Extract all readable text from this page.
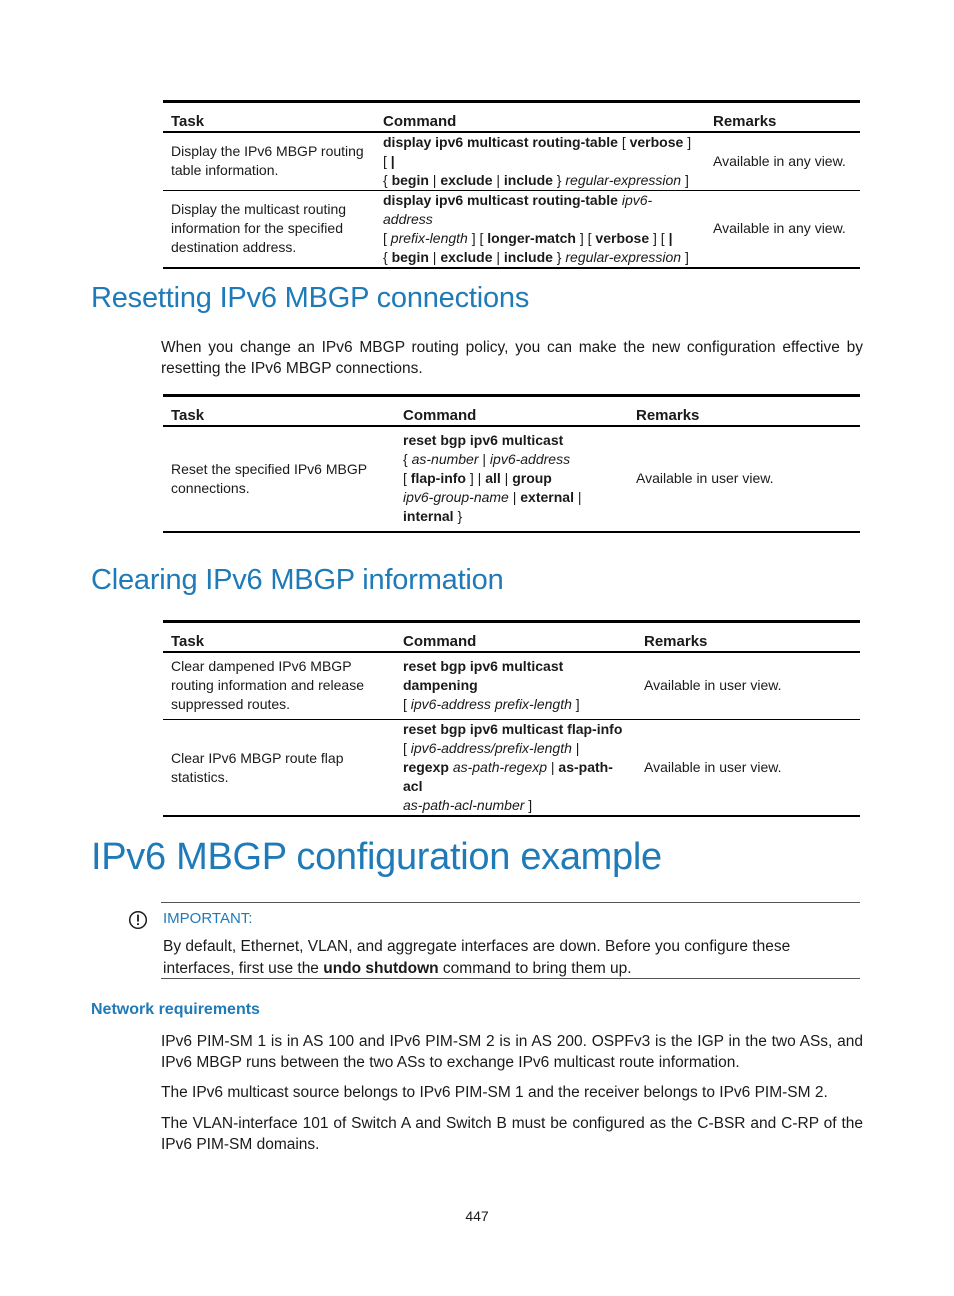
Task	Command	Remarks
Display the IPv6 MBGP routing table information.	display ipv6 multicast routing-table [ verbose ] [ |
{ begin | exclude | include } regular-expression ]	Available in any view.
Display the multicast routing information for the specified destination address.	display ipv6 multicast routing-table ipv6-address
[ prefix-length ] [ longer-match ] [ verbose ] [ |
{ begin | exclude | include } regular-expression ]	Available in any view.
Resetting IPv6 MBGP connections

When you change an IPv6 MBGP routing policy, you can make the new configuration effective by resetting the IPv6 MBGP connections.

Task	Command	Remarks
Reset the specified IPv6 MBGP connections.	reset bgp ipv6 multicast
{ as-number | ipv6-address
[ flap-info ] | all | group
ipv6-group-name | external |
internal }	Available in user view.
Clearing IPv6 MBGP information
Task	Command	Remarks
Clear dampened IPv6 MBGP routing information and release suppressed routes.	reset bgp ipv6 multicast dampening
[ ipv6-address prefix-length ]	Available in user view.
Clear IPv6 MBGP route flap statistics.	reset bgp ipv6 multicast flap-info
[ ipv6-address/prefix-length |
regexp as-path-regexp | as-path-acl
as-path-acl-number ]	Available in user view.
IPv6 MBGP configuration example
IMPORTANT:

By default, Ethernet, VLAN, and aggregate interfaces are down. Before you configure these interfaces, first use the undo shutdown command to bring them up.

Network requirements

IPv6 PIM-SM 1 is in AS 100 and IPv6 PIM-SM 2 is in AS 200. OSPFv3 is the IGP in the two ASs, and IPv6 MBGP runs between the two ASs to exchange IPv6 multicast route information.

The IPv6 multicast source belongs to IPv6 PIM-SM 1 and the receiver belongs to IPv6 PIM-SM 2.

The VLAN-interface 101 of Switch A and Switch B must be configured as the C-BSR and C-RP of the IPv6 PIM-SM domains.

447
